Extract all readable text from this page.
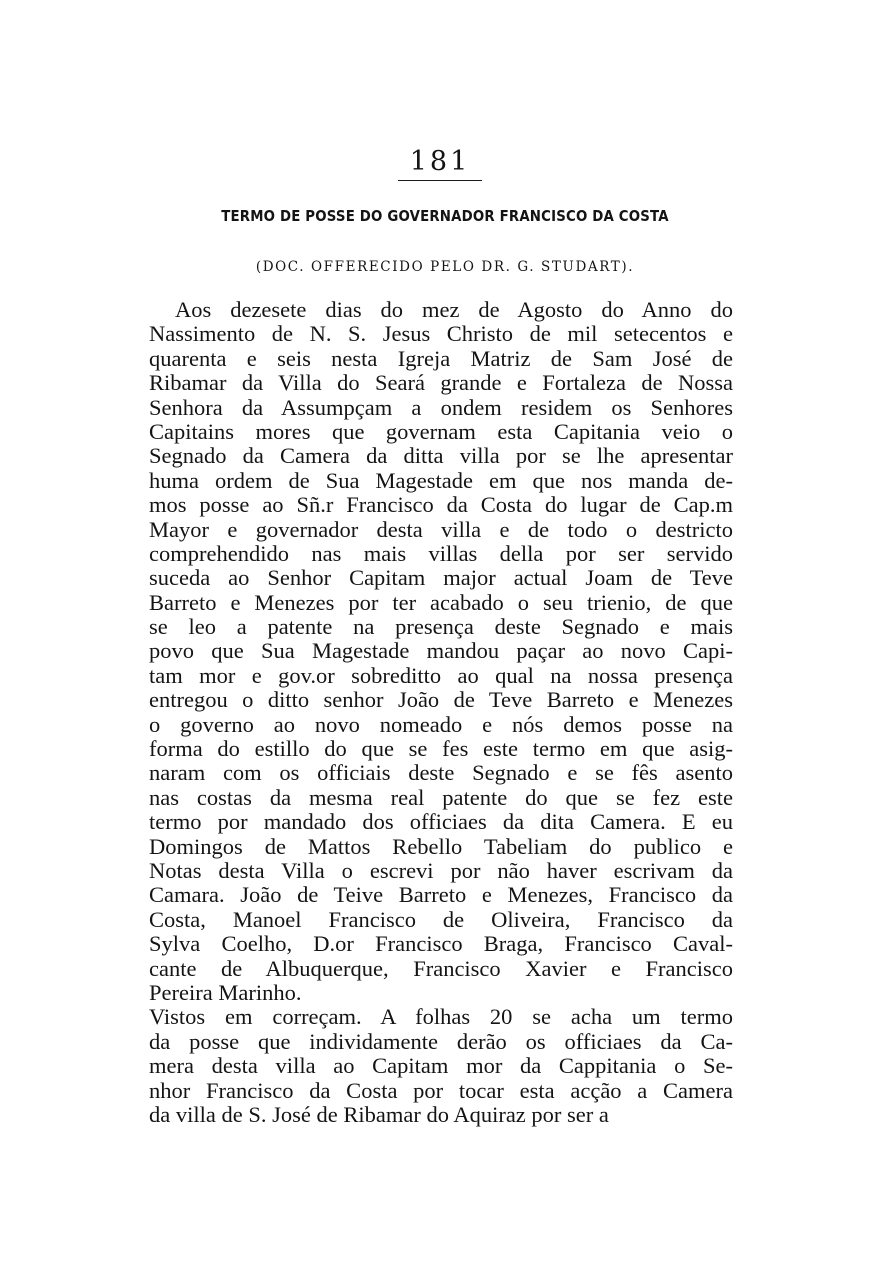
181
TERMO DE POSSE DO GOVERNADOR FRANCISCO DA COSTA
(DOC. OFFERECIDO PELO DR. G. STUDART).
Aos dezesete dias do mez de Agosto do Anno do
Nassimento de N. S. Jesus Christo de mil setecentos e
quarenta e seis nesta Igreja Matriz de Sam José de
Ribamar da Villa do Seará grande e Fortaleza de Nossa
Senhora da Assumpçam a ondem residem os Senhores
Capitains mores que governam esta Capitania veio o
Segnado da Camera da ditta villa por se lhe apresentar
huma ordem de Sua Magestade em que nos manda de-
mos posse ao Sñ.r Francisco da Costa do lugar de Cap.m
Mayor e governador desta villa e de todo o destricto
comprehendido nas mais villas della por ser servido
suceda ao Senhor Capitam major actual Joam de Teve
Barreto e Menezes por ter acabado o seu trienio, de que
se leo a patente na presença deste Segnado e mais
povo que Sua Magestade mandou paçar ao novo Capi-
tam mor e gov.or sobreditto ao qual na nossa presença
entregou o ditto senhor João de Teve Barreto e Menezes
o governo ao novo nomeado e nós demos posse na
forma do estillo do que se fes este termo em que asig-
naram com os officiais deste Segnado e se fês asento
nas costas da mesma real patente do que se fez este
termo por mandado dos officiaes da dita Camera. E eu
Domingos de Mattos Rebello Tabeliam do publico e
Notas desta Villa o escrevi por não haver escrivam da
Camara. João de Teive Barreto e Menezes, Francisco da
Costa, Manoel Francisco de Oliveira, Francisco da
Sylva Coelho, D.or Francisco Braga, Francisco Caval-
cante de Albuquerque, Francisco Xavier e Francisco
Pereira Marinho.
Vistos em correçam. A folhas 20 se acha um termo
da posse que individamente derão os officiaes da Ca-
mera desta villa ao Capitam mor da Cappitania o Se-
nhor Francisco da Costa por tocar esta acção a Camera
da villa de S. José de Ribamar do Aquiraz por ser a
